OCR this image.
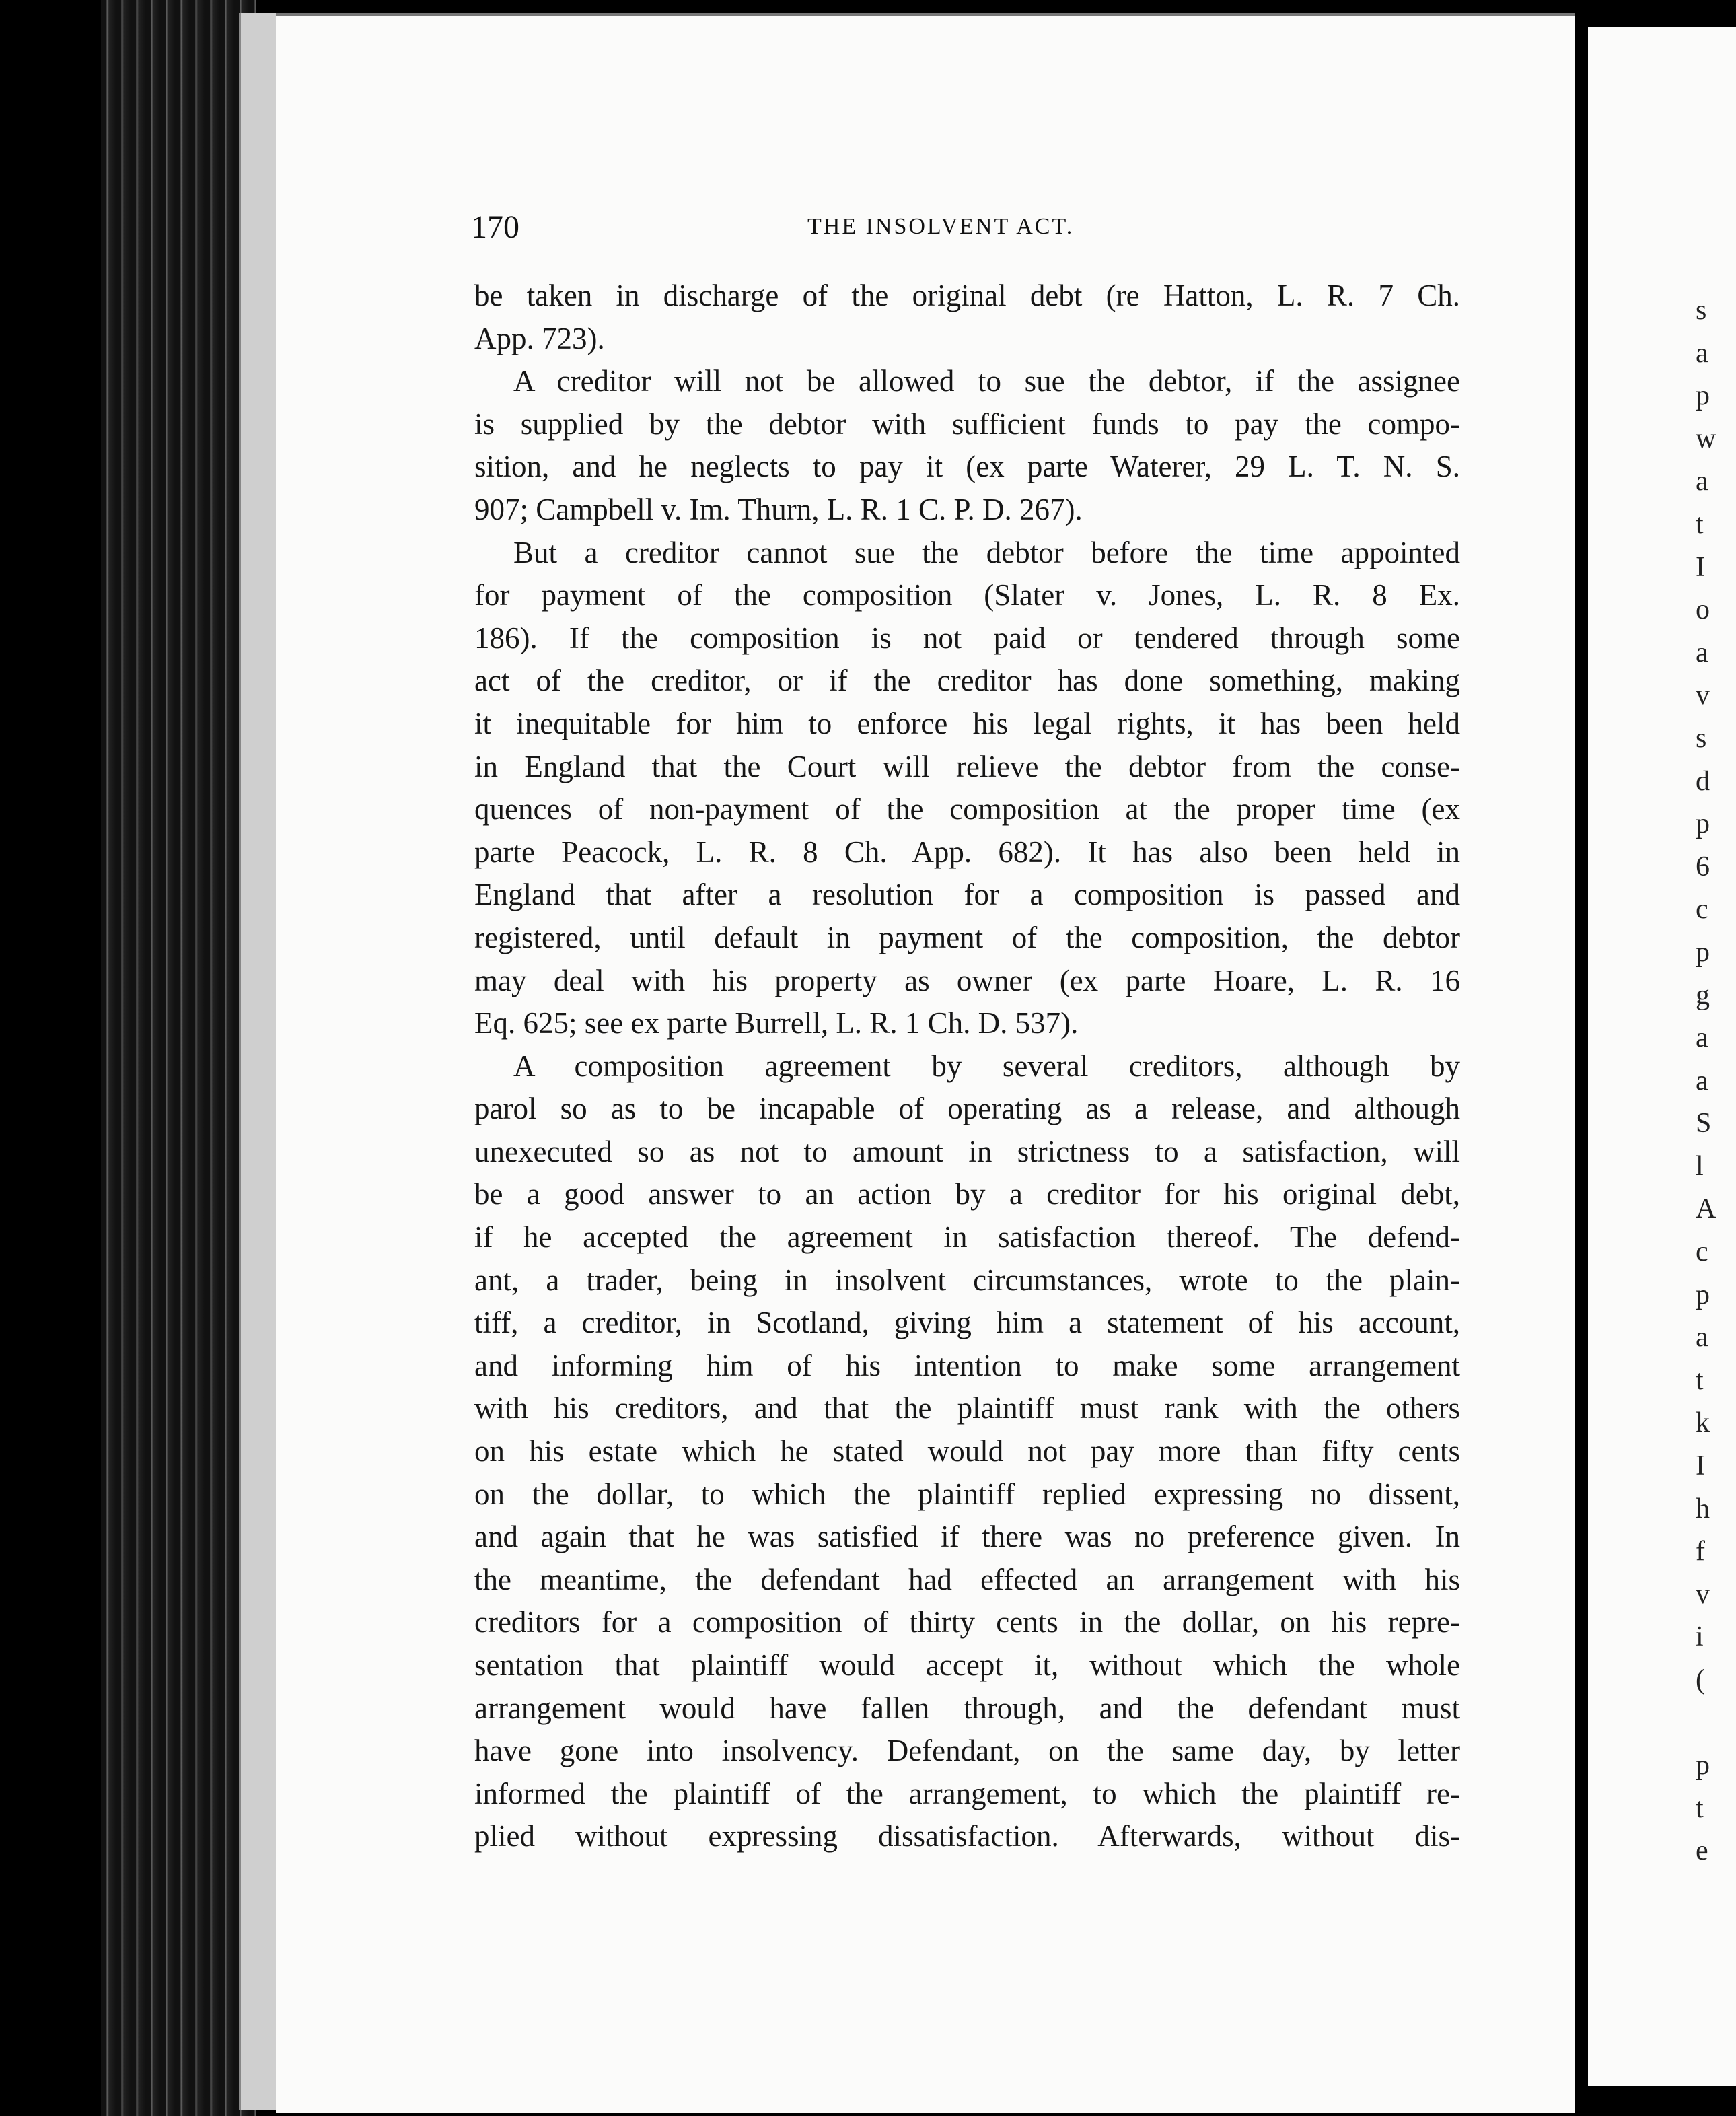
s
a
p
w
a
t
I
o
a
v
s
d
p
6
c
p
g
a
a
S
l
A
c
p
a
t
k
I
h
f
v
i
(
p
t
e
170	THE INSOLVENT ACT.
be taken in discharge of the original debt (re Hatton, L. R. 7 Ch.
App. 723).
A creditor will not be allowed to sue the debtor, if the assignee
is supplied by the debtor with sufficient funds to pay the compo-
sition, and he neglects to pay it (ex parte Waterer, 29 L. T. N. S.
907; Campbell v. Im. Thurn, L. R. 1 C. P. D. 267).
But a creditor cannot sue the debtor before the time appointed
for payment of the composition (Slater v. Jones, L. R. 8 Ex.
186). If the composition is not paid or tendered through some
act of the creditor, or if the creditor has done something, making
it inequitable for him to enforce his legal rights, it has been held
in England that the Court will relieve the debtor from the conse-
quences of non-payment of the composition at the proper time (ex
parte Peacock, L. R. 8 Ch. App. 682). It has also been held in
England that after a resolution for a composition is passed and
registered, until default in payment of the composition, the debtor
may deal with his property as owner (ex parte Hoare, L. R. 16
Eq. 625; see ex parte Burrell, L. R. 1 Ch. D. 537).
A composition agreement by several creditors, although by
parol so as to be incapable of operating as a release, and although
unexecuted so as not to amount in strictness to a satisfaction, will
be a good answer to an action by a creditor for his original debt,
if he accepted the agreement in satisfaction thereof. The defend-
ant, a trader, being in insolvent circumstances, wrote to the plain-
tiff, a creditor, in Scotland, giving him a statement of his account,
and informing him of his intention to make some arrangement
with his creditors, and that the plaintiff must rank with the others
on his estate which he stated would not pay more than fifty cents
on the dollar, to which the plaintiff replied expressing no dissent,
and again that he was satisfied if there was no preference given. In
the meantime, the defendant had effected an arrangement with his
creditors for a composition of thirty cents in the dollar, on his repre-
sentation that plaintiff would accept it, without which the whole
arrangement would have fallen through, and the defendant must
have gone into insolvency. Defendant, on the same day, by letter
informed the plaintiff of the arrangement, to which the plaintiff re-
plied without expressing dissatisfaction. Afterwards, without dis-
